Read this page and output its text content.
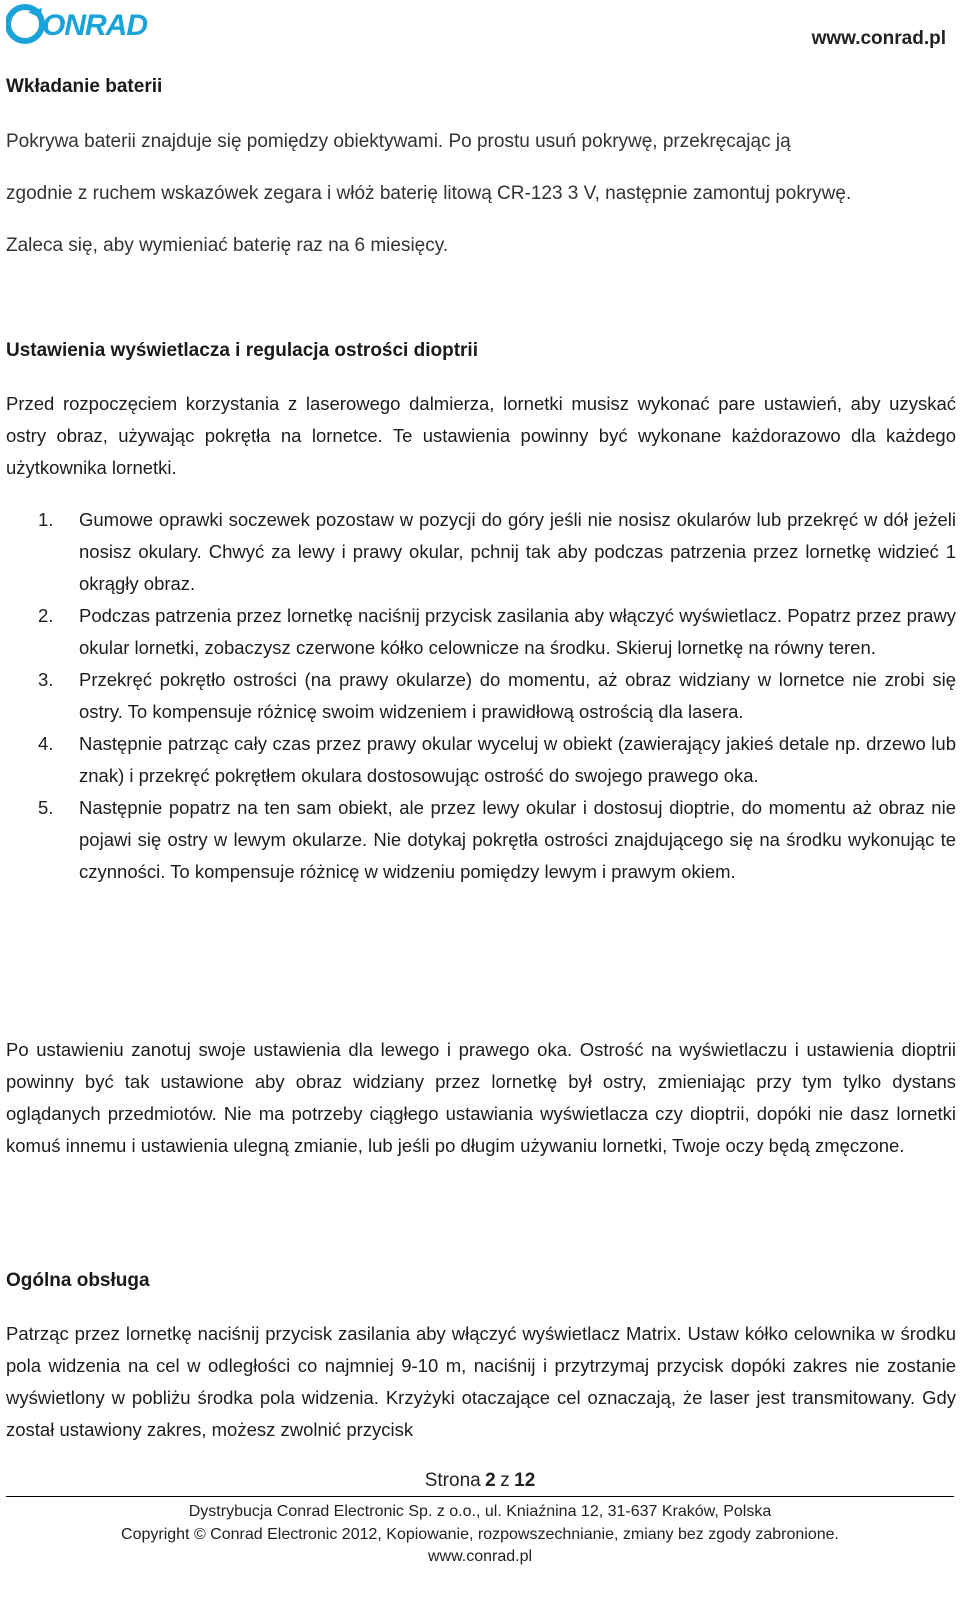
ONRAD	www.conrad.pl
Wkładanie baterii

Pokrywa baterii znajduje się pomiędzy obiektywami. Po prostu usuń pokrywę, przekręcając ją

zgodnie z ruchem wskazówek zegara i włóż baterię litową CR-123 3 V, następnie zamontuj pokrywę.

Zaleca się, aby wymieniać baterię raz na 6 miesięcy.

Ustawienia wyświetlacza i regulacja ostrości dioptrii

Przed rozpoczęciem korzystania z laserowego dalmierza, lornetki musisz wykonać pare ustawień, aby uzyskać ostry obraz, używając pokrętła na lornetce. Te ustawienia powinny być wykonane każdorazowo dla każdego użytkownika lornetki.

1. Gumowe oprawki soczewek pozostaw w pozycji do góry jeśli nie nosisz okularów lub przekręć w dół jeżeli nosisz okulary. Chwyć za lewy i prawy okular, pchnij tak aby podczas patrzenia przez lornetkę widzieć 1 okrągły obraz.
2. Podczas patrzenia przez lornetkę naciśnij przycisk zasilania aby włączyć wyświetlacz. Popatrz przez prawy okular lornetki, zobaczysz czerwone kółko celownicze na środku. Skieruj lornetkę na równy teren.
3. Przekręć pokrętło ostrości (na prawy okularze) do momentu, aż obraz widziany w lornetce nie zrobi się ostry. To kompensuje różnicę swoim widzeniem i prawidłową ostrością dla lasera.
4. Następnie patrząc cały czas przez prawy okular wyceluj w obiekt (zawierający jakieś detale np. drzewo lub znak) i przekręć pokrętłem okulara dostosowując ostrość do swojego prawego oka.
5. Następnie popatrz na ten sam obiekt, ale przez lewy okular i dostosuj dioptrie, do momentu aż obraz nie pojawi się ostry w lewym okularze. Nie dotykaj pokrętła ostrości znajdującego się na środku wykonując te czynności. To kompensuje różnicę w widzeniu pomiędzy lewym i prawym okiem.

Po ustawieniu zanotuj swoje ustawienia dla lewego i prawego oka. Ostrość na wyświetlaczu i ustawienia dioptrii powinny być tak ustawione aby obraz widziany przez lornetkę był ostry, zmieniając przy tym tylko dystans oglądanych przedmiotów. Nie ma potrzeby ciągłego ustawiania wyświetlacza czy dioptrii, dopóki nie dasz lornetki komuś innemu i ustawienia ulegną zmianie, lub jeśli po długim używaniu lornetki, Twoje oczy będą zmęczone.

Ogólna obsługa

Patrząc przez lornetkę naciśnij przycisk zasilania aby włączyć wyświetlacz Matrix. Ustaw kółko celownika w środku pola widzenia na cel w odległości co najmniej 9-10 m, naciśnij i przytrzymaj przycisk dopóki zakres nie zostanie wyświetlony w pobliżu środka pola widzenia. Krzyżyki otaczające cel oznaczają, że laser jest transmitowany. Gdy został ustawiony zakres, możesz zwolnić przycisk

Strona 2 z 12
Dystrybucja Conrad Electronic Sp. z o.o., ul. Kniaźnina 12, 31-637 Kraków, Polska
Copyright © Conrad Electronic 2012, Kopiowanie, rozpowszechnianie, zmiany bez zgody zabronione.
www.conrad.pl
